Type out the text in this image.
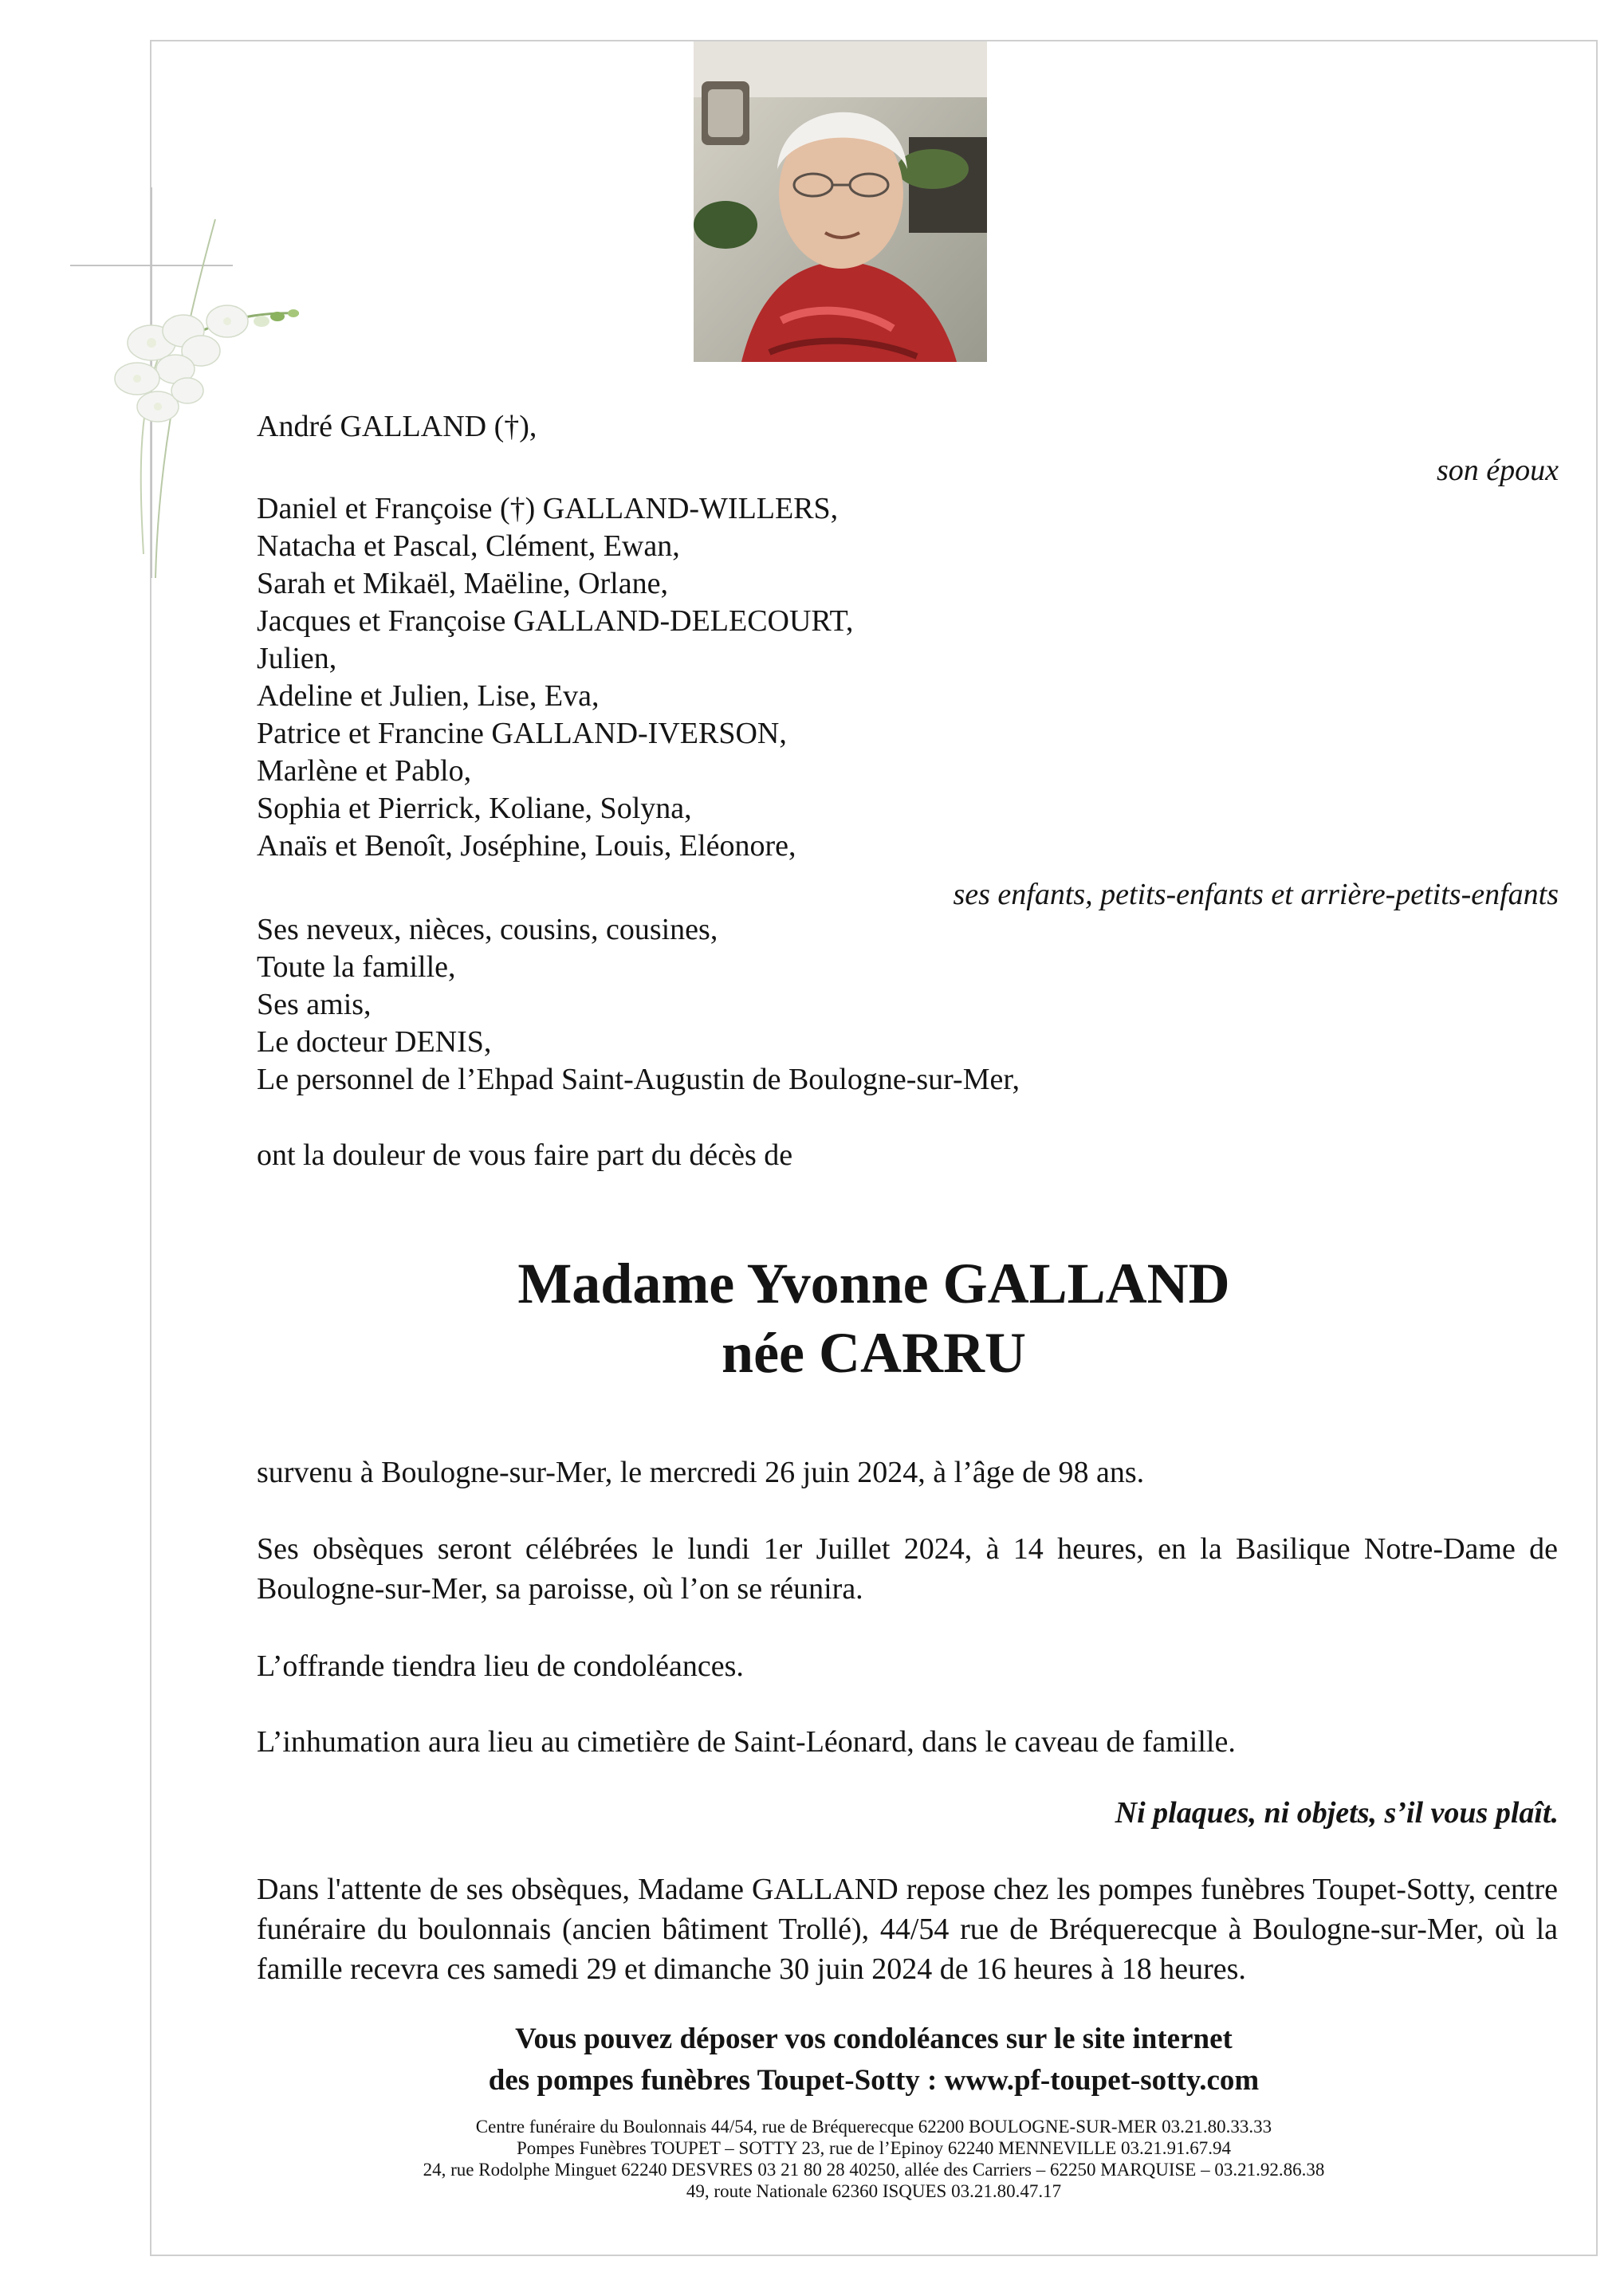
André GALLAND (†),
son époux
Daniel et Françoise (†) GALLAND-WILLERS,
Natacha et Pascal, Clément, Ewan,
Sarah et Mikaël, Maëline, Orlane,
Jacques et Françoise GALLAND-DELECOURT,
Julien,
Adeline et Julien, Lise, Eva,
Patrice et Francine GALLAND-IVERSON,
Marlène et Pablo,
Sophia et Pierrick, Koliane, Solyna,
Anaïs et Benoît, Joséphine, Louis, Eléonore,
ses enfants, petits-enfants et arrière-petits-enfants
Ses neveux, nièces, cousins, cousines,
Toute la famille,
Ses amis,
Le docteur DENIS,
Le personnel de l’Ehpad Saint-Augustin de Boulogne-sur-Mer,
ont la douleur de vous faire part du décès de
Madame Yvonne GALLAND
née CARRU
survenu à Boulogne-sur-Mer, le mercredi 26 juin 2024, à l’âge de 98 ans.
Ses obsèques seront célébrées le lundi 1er Juillet 2024, à 14 heures, en la Basilique Notre-Dame de Boulogne-sur-Mer, sa paroisse, où l’on se réunira.
L’offrande tiendra lieu de condoléances.
L’inhumation aura lieu au cimetière de Saint-Léonard, dans le caveau de famille.
Ni plaques, ni objets, s’il vous plaît.
Dans l'attente de ses obsèques, Madame GALLAND repose chez les pompes funèbres Toupet-Sotty, centre funéraire du boulonnais (ancien bâtiment Trollé), 44/54 rue de Bréquerecque à Boulogne-sur-Mer, où la famille recevra ces samedi 29 et dimanche 30 juin 2024 de 16 heures à 18 heures.
Vous pouvez déposer vos condoléances sur le site internet
des pompes funèbres Toupet-Sotty : www.pf-toupet-sotty.com
Centre funéraire du Boulonnais 44/54, rue de Bréquerecque 62200 BOULOGNE-SUR-MER 03.21.80.33.33
Pompes Funèbres TOUPET – SOTTY 23, rue de l’Epinoy 62240 MENNEVILLE 03.21.91.67.94
24, rue Rodolphe Minguet 62240 DESVRES 03 21 80 28 40250, allée des Carriers – 62250 MARQUISE – 03.21.92.86.38
49, route Nationale 62360 ISQUES 03.21.80.47.17
